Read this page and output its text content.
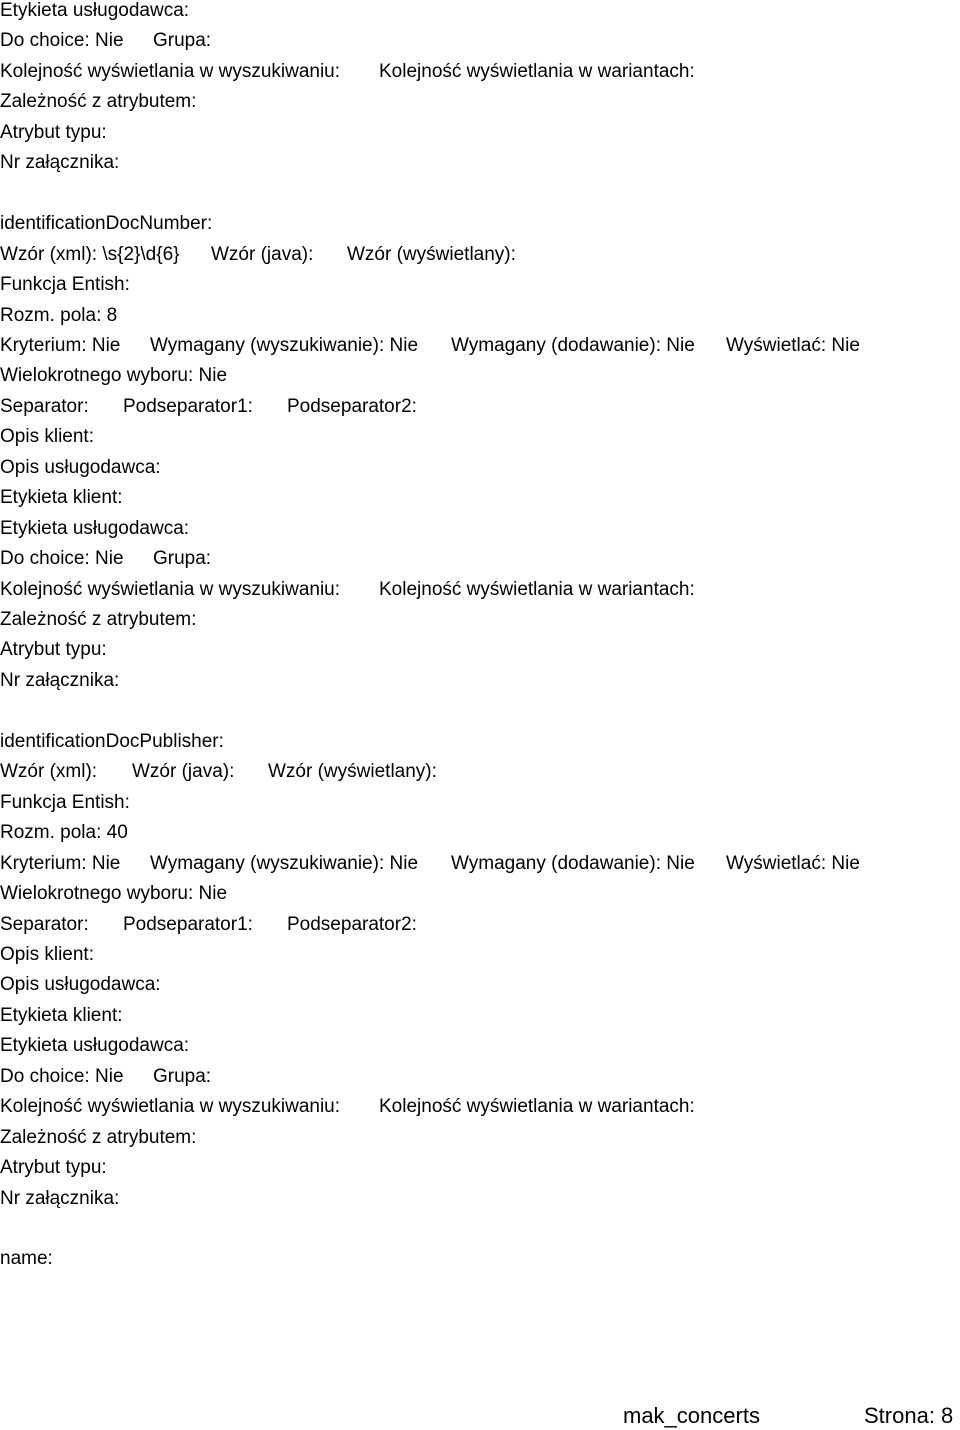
Etykieta usługodawca:
Do choice: Nie Grupa:
Kolejność wyświetlania w wyszukiwaniu: Kolejność wyświetlania w wariantach:
Zależność z atrybutem:
Atrybut typu:
Nr załącznika:
identificationDocNumber:
Wzór (xml): \s{2}\d{6} Wzór (java): Wzór (wyświetlany):
Funkcja Entish:
Rozm. pola: 8
Kryterium: Nie Wymagany (wyszukiwanie): Nie Wymagany (dodawanie): Nie Wyświetlać: Nie
Wielokrotnego wyboru: Nie
Separator: Podseparator1: Podseparator2:
Opis klient:
Opis usługodawca:
Etykieta klient:
Etykieta usługodawca:
Do choice: Nie Grupa:
Kolejność wyświetlania w wyszukiwaniu: Kolejność wyświetlania w wariantach:
Zależność z atrybutem:
Atrybut typu:
Nr załącznika:
identificationDocPublisher:
Wzór (xml): Wzór (java): Wzór (wyświetlany):
Funkcja Entish:
Rozm. pola: 40
Kryterium: Nie Wymagany (wyszukiwanie): Nie Wymagany (dodawanie): Nie Wyświetlać: Nie
Wielokrotnego wyboru: Nie
Separator: Podseparator1: Podseparator2:
Opis klient:
Opis usługodawca:
Etykieta klient:
Etykieta usługodawca:
Do choice: Nie Grupa:
Kolejność wyświetlania w wyszukiwaniu: Kolejność wyświetlania w wariantach:
Zależność z atrybutem:
Atrybut typu:
Nr załącznika:
name:
mak_concerts	Strona: 8
